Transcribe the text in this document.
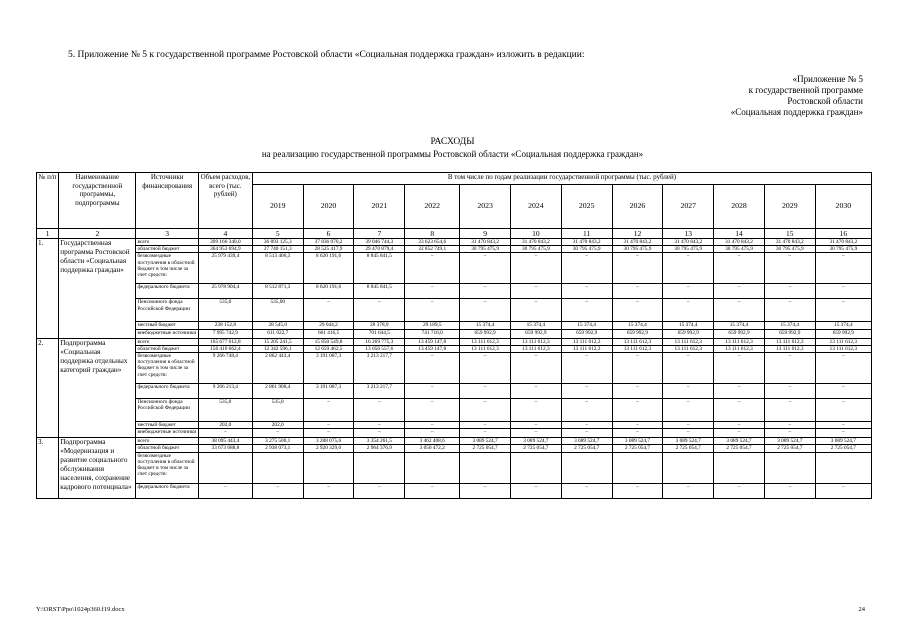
5. Приложение № 5 к государственной программе Ростовской области «Социальная поддержка граждан» изложить в редакции:
«Приложение № 5
к государственной программе
Ростовской области
«Социальная поддержка граждан»
РАСХОДЫ
на реализацию государственной программы Ростовской области «Социальная поддержка граждан»
№ п/п	Наименование государственной программы, подпрограммы	Источники финансирования	Объем расходов, всего (тыс. рублей)	В том числе по годам реализации государственной программы (тыс. рублей)											
				2019	2020	2021	2022	2023	2024	2025	2026	2027	2028	2029	2030
1	2	3	4	5	6	7	8	9	10	11	12	13	14	15	16
1.	Государственная программа Ростовской области «Социальная поддержка граждан»	всего	399 166 340,0	36 893 125,3	37 836 070,2	39 046 744,3	33 623 654,6	31 470 843,2	31 470 843,2	31 470 843,2	31 470 843,2	31 470 843,2	31 470 843,2	31 470 843,2	31 470 843,2
		областной бюджет	364 953 694,9	27 740 151,3	28 525 417,9	29 470 879,4	32 852 749,1	30 795 475,9	30 795 475,9	30 795 475,9	30 795 475,9	30 795 475,9	30 795 475,9	30 795 475,9	30 795 475,9
		безвозмездные поступления в областной бюджет в том числе за счет средств:	25 979 439,4	8 513 406,3	8 620 191,6	8 845 841,5	–	–	–	–	–	–	–	–	–
		федерального бюджета	25 978 904,4	8 512 871,3	8 620 191,6	8 845 841,5	–	–	–	–	–	–	–	–	–
		Пенсионного фонда Российской Федерации	535,0	535,00	–	–	–	–	–	–	–	–	–	–	–
		местный бюджет	238 152,8	28 545,0	29 044,2	28 378,9	29 189,5	15 374,4	15 374,4	15 374,4	15 374,4	15 374,4	15 374,4	15 374,4	15 374,4
		внебюджетные источники	7 995 742,9	611 022,7	661 416,5	701 644,5	741 716,0	659 992,9	659 992,9	659 992,9	659 992,9	659 992,9	659 992,9	659 992,9	659 992,9
2.	Подпрограмма «Социальная поддержка отдельных категорий граждан»	всего	165 677 612,8	15 205 241,5	15 850 549,8	16 269 775,3	13 459 147,8	13 111 612,3	13 111 612,3	13 111 612,3	13 111 612,3	13 111 612,3	13 111 612,3	13 111 612,3	13 111 612,3
		областной бюджет	156 410 662,4	12 342 596,1	12 659 462,5	13 056 557,6	13 459 147,8	13 111 612,3	13 111 612,3	13 111 612,3	13 111 612,3	13 111 612,3	13 111 612,3	13 111 612,3	13 111 612,3
		безвозмездные поступления в областной бюджет в том числе за счет средств:	9 266 748,4	2 862 443,4	3 191 087,3	3 213 217,7	–	–	–	–	–	–	–	–	–
		федерального бюджета	9 266 213,4	2 861 908,4	3 191 087,3	3 213 217,7	–	–	–	–	–	–	–	–	–
		Пенсионного фонда Российской Федерации	535,0	535,0	–	–	–	–	–	–	–	–	–	–	–
		местный бюджет	202,0	202,0	–	–	–	–	–	–	–	–	–	–	–
		внебюджетные источники	–	–	–	–	–	–	–	–	–	–	–	–	–
3.	Подпрограмма «Модернизация и развитие социального обслуживания населения, сохранение кадрового потенциала»	всего	38 095 443,4	3 275 500,1	3 288 075,6	3 354 261,5	3 462 408,6	3 089 524,7	3 089 524,7	3 089 524,7	3 089 524,7	3 089 524,7	3 089 524,7	3 089 524,7	3 089 524,7
		областной бюджет	33 673 688,8	2 938 073,1	2 920 329,0	2 964 376,9	3 050 472,2	2 725 054,7	2 725 054,7	2 725 054,7	2 725 054,7	2 725 054,7	2 725 054,7	2 725 054,7	2 725 054,7
		безвозмездные поступления в областной бюджет в том числе за счет средств:													
		федерального бюджета	–	–	–	–	–	–	–	–	–	–	–	–	–
Y:\ORST\Ppo\1024p360.f19.docx	24
